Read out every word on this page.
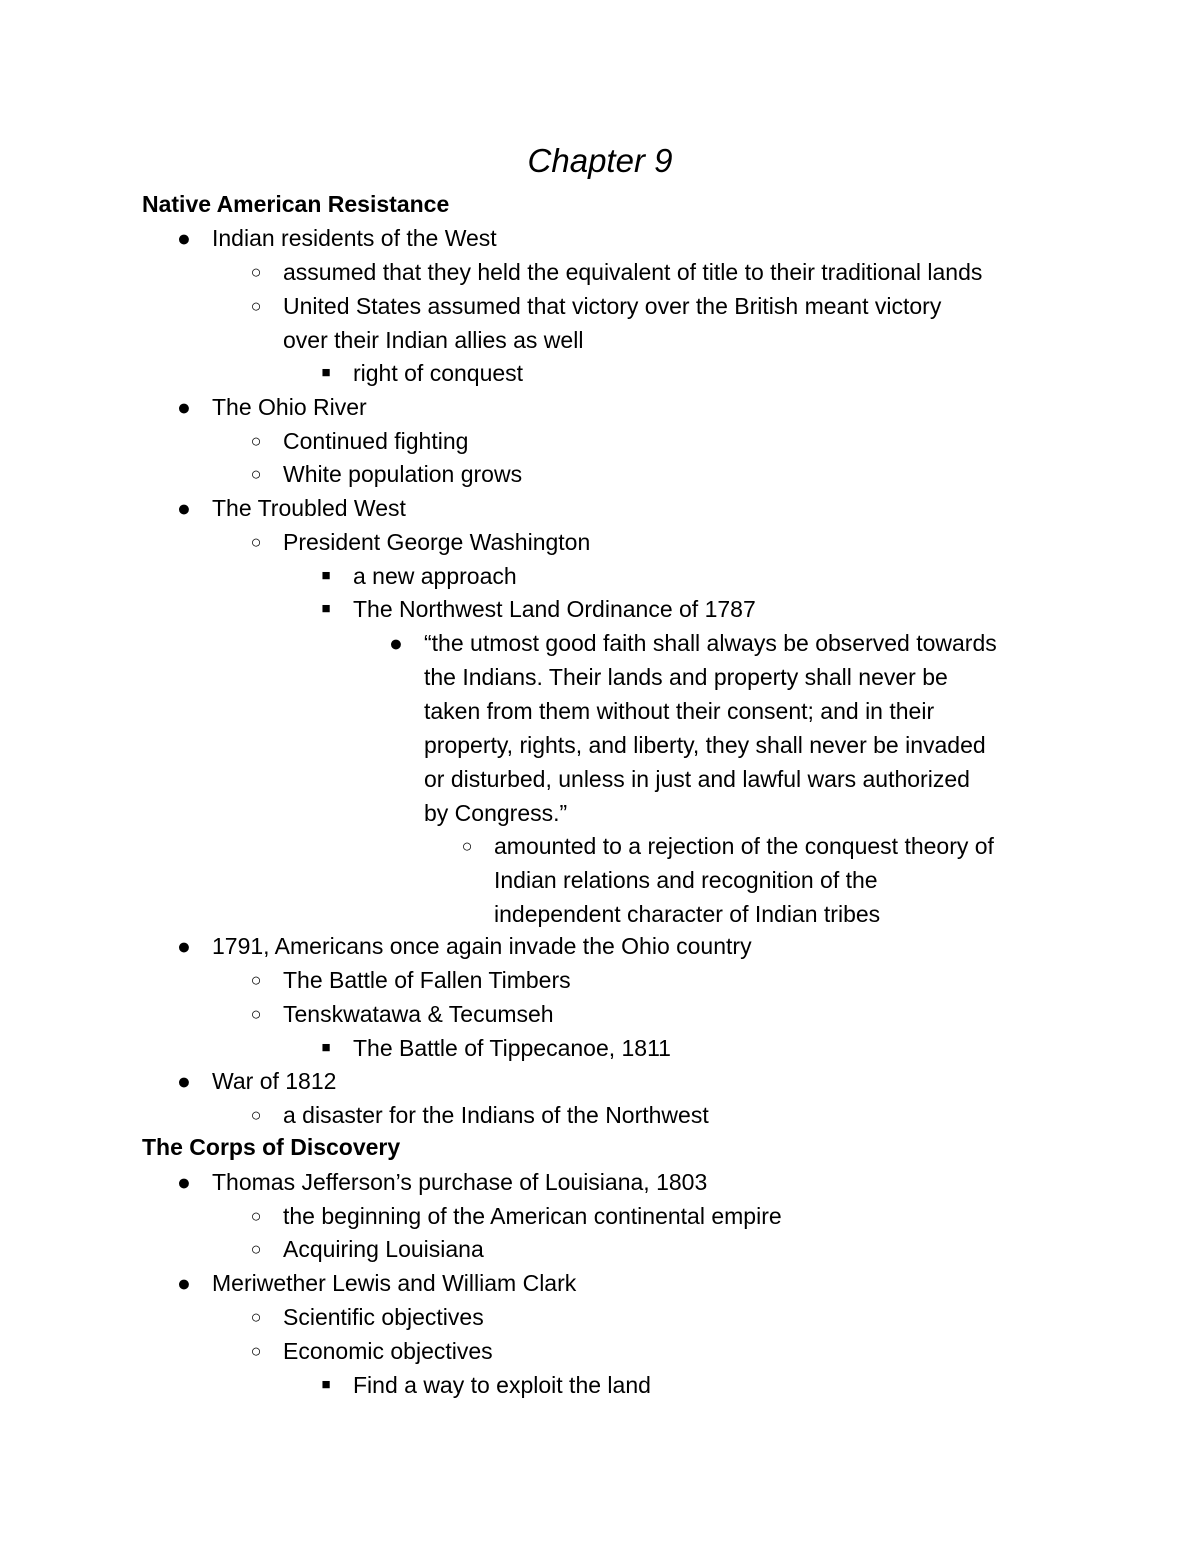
Chapter 9
Native American Resistance
● Indian residents of the West
○ assumed that they held the equivalent of title to their traditional lands
○ United States assumed that victory over the British meant victory
over their Indian allies as well
■ right of conquest
● The Ohio River
○ Continued fighting
○ White population grows
● The Troubled West
○ President George Washington
■ a new approach
■ The Northwest Land Ordinance of 1787
● “the utmost good faith shall always be observed towards
the Indians. Their lands and property shall never be
taken from them without their consent; and in their
property, rights, and liberty, they shall never be invaded
or disturbed, unless in just and lawful wars authorized
by Congress.”
○ amounted to a rejection of the conquest theory of
Indian relations and recognition of the
independent character of Indian tribes
● 1791, Americans once again invade the Ohio country
○ The Battle of Fallen Timbers
○ Tenskwatawa & Tecumseh
■ The Battle of Tippecanoe, 1811
● War of 1812
○ a disaster for the Indians of the Northwest
The Corps of Discovery
● Thomas Jefferson’s purchase of Louisiana, 1803
○ the beginning of the American continental empire
○ Acquiring Louisiana
● Meriwether Lewis and William Clark
○ Scientific objectives
○ Economic objectives
■ Find a way to exploit the land
